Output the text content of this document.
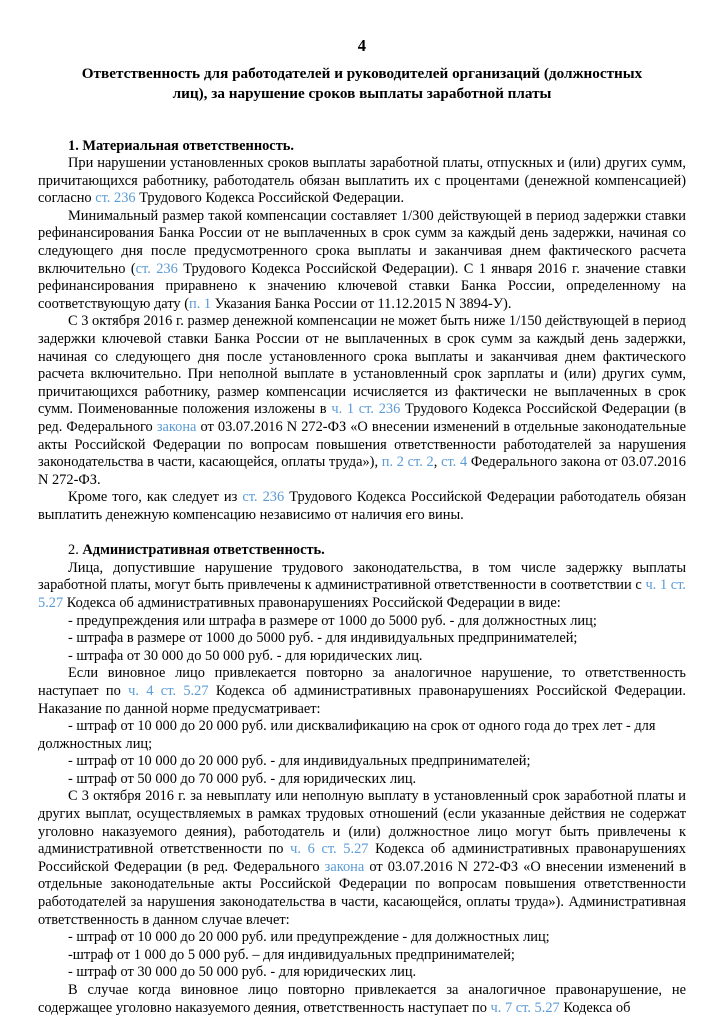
4
Ответственность для работодателей и руководителей организаций (должностных лиц), за нарушение сроков выплаты заработной платы

1. Материальная ответственность.

При нарушении установленных сроков выплаты заработной платы, отпускных и (или) других сумм, причитающихся работнику, работодатель обязан выплатить их с процентами (денежной компенсацией) согласно ст. 236 Трудового Кодекса Российской Федерации.

Минимальный размер такой компенсации составляет 1/300 действующей в период задержки ставки рефинансирования Банка России от не выплаченных в срок сумм за каждый день задержки, начиная со следующего дня после предусмотренного срока выплаты и заканчивая днем фактического расчета включительно (ст. 236 Трудового Кодекса Российской Федерации). С 1 января 2016 г. значение ставки рефинансирования приравнено к значению ключевой ставки Банка России, определенному на соответствующую дату (п. 1 Указания Банка России от 11.12.2015 N 3894-У).

С 3 октября 2016 г. размер денежной компенсации не может быть ниже 1/150 действующей в период задержки ключевой ставки Банка России от не выплаченных в срок сумм за каждый день задержки, начиная со следующего дня после установленного срока выплаты и заканчивая днем фактического расчета включительно. При неполной выплате в установленный срок зарплаты и (или) других сумм, причитающихся работнику, размер компенсации исчисляется из фактически не выплаченных в срок сумм. Поименованные положения изложены в ч. 1 ст. 236 Трудового Кодекса Российской Федерации (в ред. Федерального закона от 03.07.2016 N 272-ФЗ «О внесении изменений в отдельные законодательные акты Российской Федерации по вопросам повышения ответственности работодателей за нарушения законодательства в части, касающейся, оплаты труда»), п. 2 ст. 2, ст. 4 Федерального закона от 03.07.2016 N 272-ФЗ.

Кроме того, как следует из ст. 236 Трудового Кодекса Российской Федерации работодатель обязан выплатить денежную компенсацию независимо от наличия его вины.

2. Административная ответственность.

Лица, допустившие нарушение трудового законодательства, в том числе задержку выплаты заработной платы, могут быть привлечены к административной ответственности в соответствии с ч. 1 ст. 5.27 Кодекса об административных правонарушениях Российской Федерации в виде:

- предупреждения или штрафа в размере от 1000 до 5000 руб. - для должностных лиц;

- штрафа в размере от 1000 до 5000 руб. - для индивидуальных предпринимателей;

- штрафа от 30 000 до 50 000 руб. - для юридических лиц.

Если виновное лицо привлекается повторно за аналогичное нарушение, то ответственность наступает по ч. 4 ст. 5.27 Кодекса об административных правонарушениях Российской Федерации. Наказание по данной норме предусматривает:

- штраф от 10 000 до 20 000 руб. или дисквалификацию на срок от одного года до трех лет - для должностных лиц;

- штраф от 10 000 до 20 000 руб. - для индивидуальных предпринимателей;

- штраф от 50 000 до 70 000 руб. - для юридических лиц.

С 3 октября 2016 г. за невыплату или неполную выплату в установленный срок заработной платы и других выплат, осуществляемых в рамках трудовых отношений (если указанные действия не содержат уголовно наказуемого деяния), работодатель и (или) должностное лицо могут быть привлечены к административной ответственности по ч. 6 ст. 5.27 Кодекса об административных правонарушениях Российской Федерации (в ред. Федерального закона от 03.07.2016 N 272-ФЗ «О внесении изменений в отдельные законодательные акты Российской Федерации по вопросам повышения ответственности работодателей за нарушения законодательства в части, касающейся, оплаты труда»). Административная ответственность в данном случае влечет:

- штраф от 10 000 до 20 000 руб. или предупреждение - для должностных лиц;

-штраф от 1 000 до 5 000 руб. – для индивидуальных предпринимателей;

- штраф от 30 000 до 50 000 руб. - для юридических лиц.

В случае когда виновное лицо повторно привлекается за аналогичное правонарушение, не содержащее уголовно наказуемого деяния, ответственность наступает по ч. 7 ст. 5.27 Кодекса об
